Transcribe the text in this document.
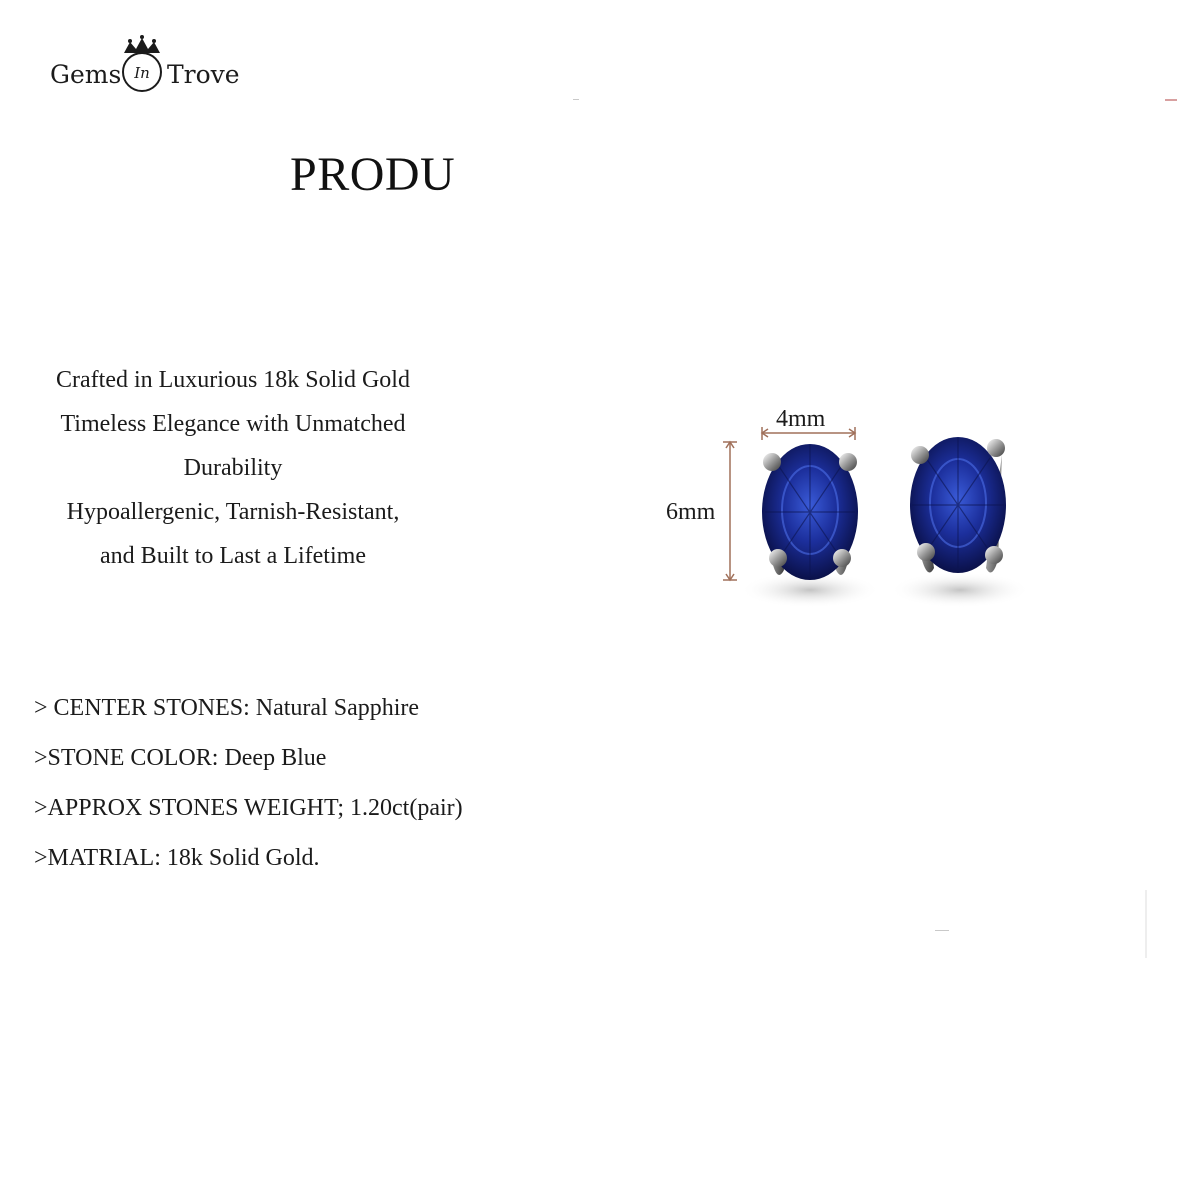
Gems In Trove
PRODU
Crafted in Luxurious 18k Solid Gold
Timeless Elegance with Unmatched
Durability
Hypoallergenic, Tarnish-Resistant,
and Built to Last a Lifetime
4mm
6mm
> CENTER STONES: Natural Sapphire
>STONE COLOR: Deep Blue
>APPROX STONES WEIGHT; 1.20ct(pair)
>MATRIAL: 18k Solid Gold.
